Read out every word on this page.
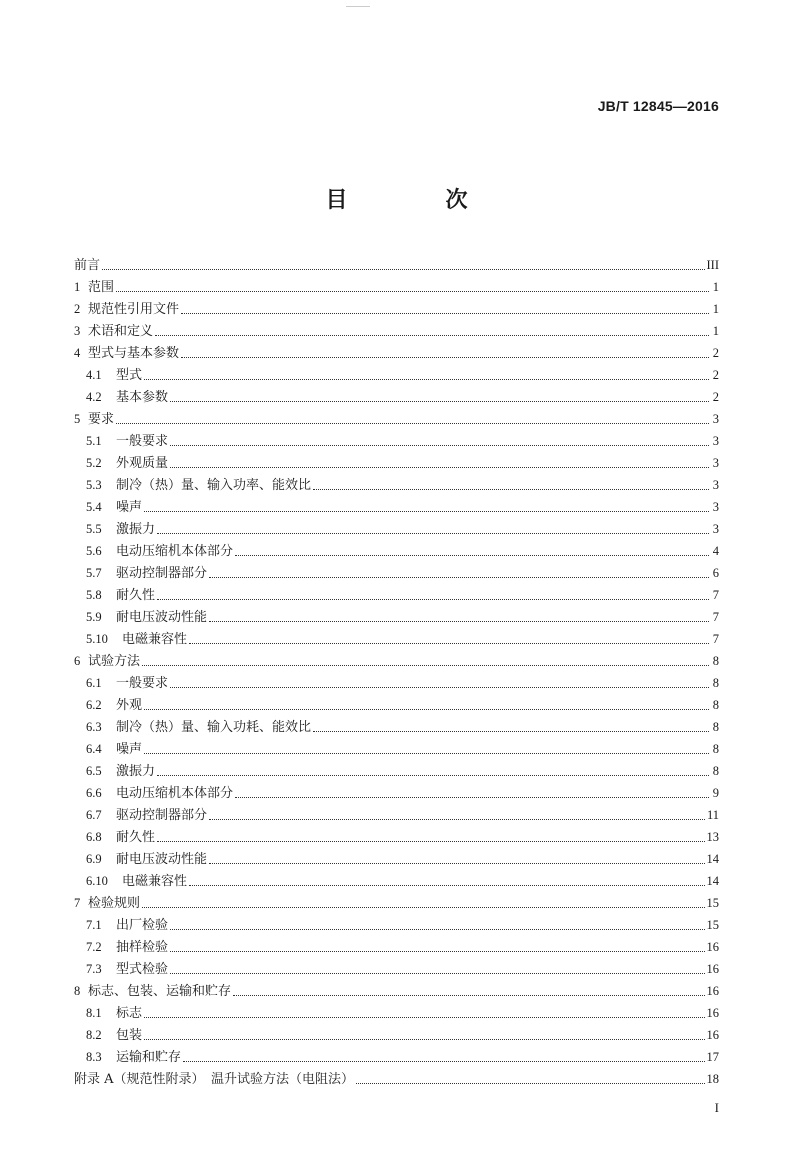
JB/T 12845—2016
目　次
前言	III
1 范围	1
2 规范性引用文件	1
3 术语和定义	1
4 型式与基本参数	2
4.1	型式	2
4.2	基本参数	2
5 要求	3
5.1	一般要求	3
5.2	外观质量	3
5.3	制冷（热）量、输入功率、能效比	3
5.4	噪声	3
5.5	激振力	3
5.6	电动压缩机本体部分	4
5.7	驱动控制器部分	6
5.8	耐久性	7
5.9	耐电压波动性能	7
5.10	电磁兼容性	7
6 试验方法	8
6.1	一般要求	8
6.2	外观	8
6.3	制冷（热）量、输入功耗、能效比	8
6.4	噪声	8
6.5	激振力	8
6.6	电动压缩机本体部分	9
6.7	驱动控制器部分	11
6.8	耐久性	13
6.9	耐电压波动性能	14
6.10	电磁兼容性	14
7 检验规则	15
7.1	出厂检验	15
7.2	抽样检验	16
7.3	型式检验	16
8 标志、包装、运输和贮存	16
8.1	标志	16
8.2	包装	16
8.3	运输和贮存	17
附录 A（规范性附录）　温升试验方法（电阻法）	18
I
